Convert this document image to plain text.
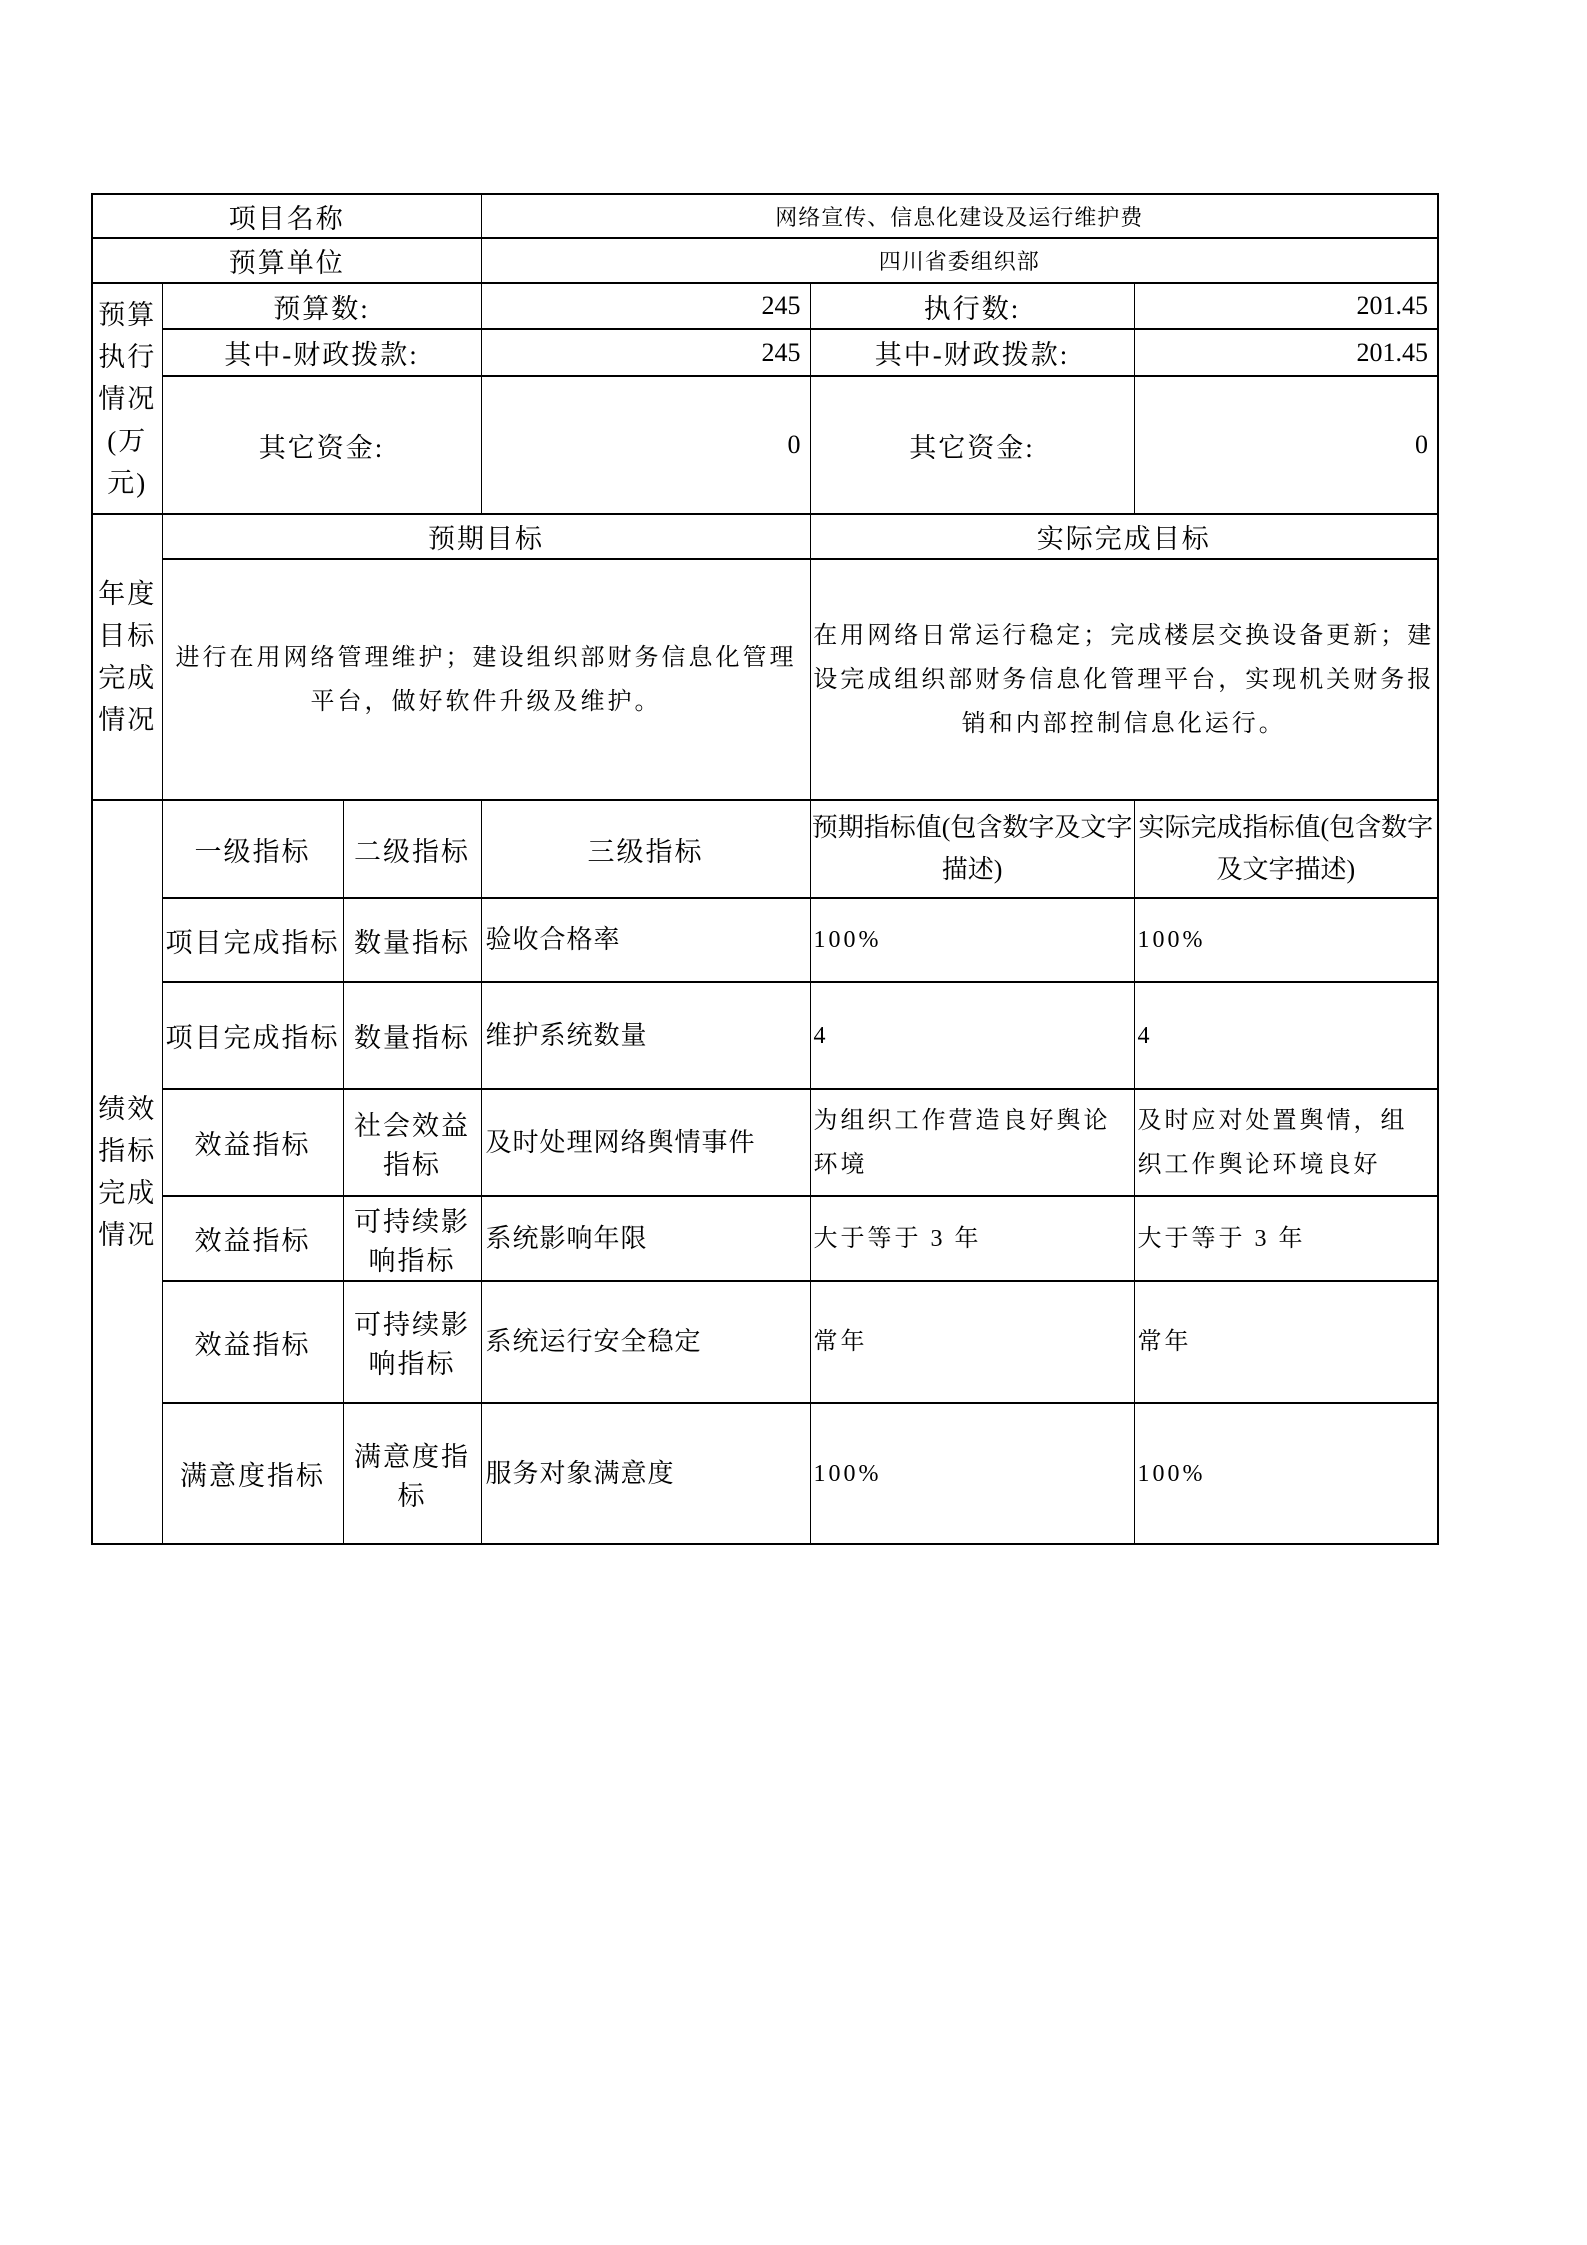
项目名称			网络宣传、信息化建设及运行维护费		
预算单位			四川省委组织部		
预算执行情况(万元)	预算数:		245	执行数:	201.45
	其中-财政拨款:		245	其中-财政拨款:	201.45
	其它资金:		0	其它资金:	0
年度目标完成情况	预期目标			实际完成目标	
	进行在用网络管理维护；建设组织部财务信息化管理平台，做好软件升级及维护。			在用网络日常运行稳定；完成楼层交换设备更新；建设完成组织部财务信息化管理平台，实现机关财务报销和内部控制信息化运行。	
绩效指标完成情况	一级指标	二级指标	三级指标	预期指标值(包含数字及文字描述)	实际完成指标值(包含数字及文字描述)
	项目完成指标	数量指标	验收合格率	100%	100%
	项目完成指标	数量指标	维护系统数量	4	4
	效益指标	社会效益指标	及时处理网络舆情事件	为组织工作营造良好舆论环境	及时应对处置舆情，组织工作舆论环境良好
	效益指标	可持续影响指标	系统影响年限	大于等于 3 年	大于等于 3 年
	效益指标	可持续影响指标	系统运行安全稳定	常年	常年
	满意度指标	满意度指标	服务对象满意度	100%	100%
